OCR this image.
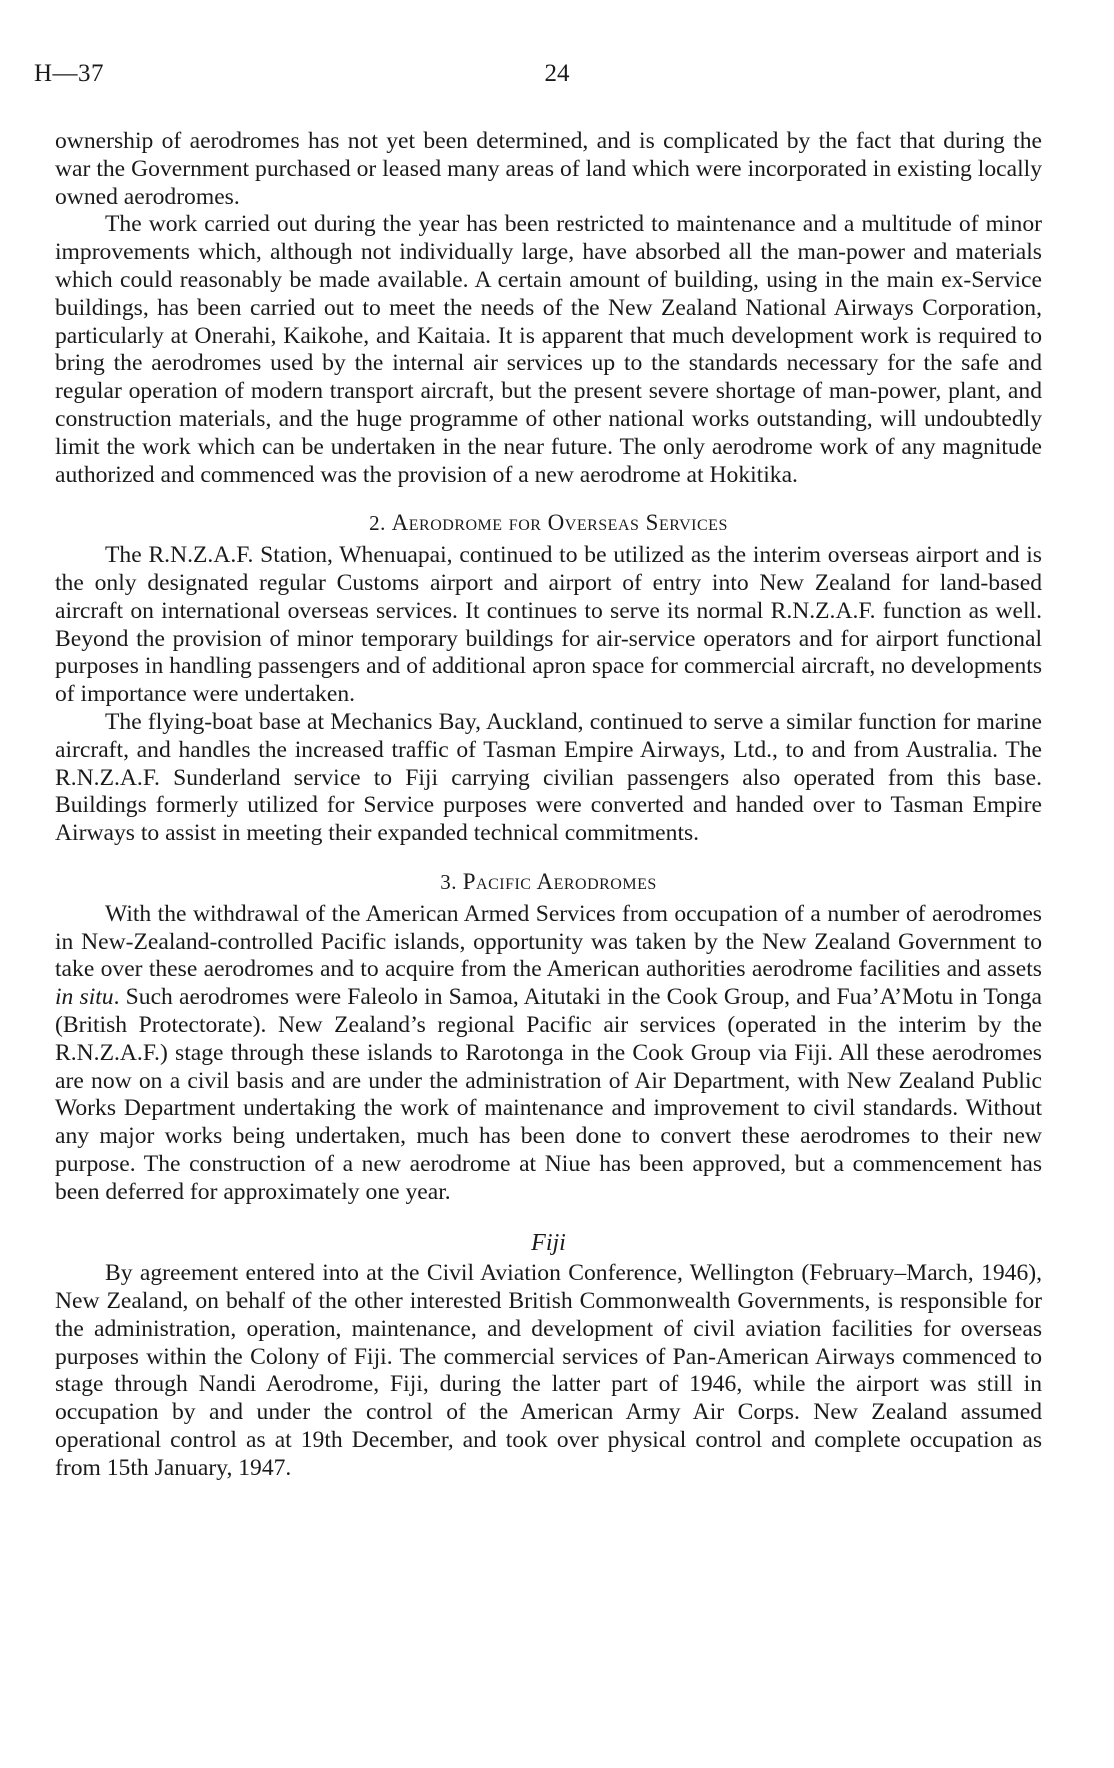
H—37	24

ownership of aerodromes has not yet been determined, and is complicated by the fact that during the war the Government purchased or leased many areas of land which were incorporated in existing locally owned aerodromes.

The work carried out during the year has been restricted to maintenance and a multitude of minor improvements which, although not individually large, have absorbed all the man-power and materials which could reasonably be made available. A certain amount of building, using in the main ex-Service buildings, has been carried out to meet the needs of the New Zealand National Airways Corporation, particularly at Onerahi, Kaikohe, and Kaitaia. It is apparent that much development work is required to bring the aerodromes used by the internal air services up to the standards necessary for the safe and regular operation of modern transport aircraft, but the present severe shortage of man-power, plant, and construction materials, and the huge programme of other national works outstanding, will undoubtedly limit the work which can be undertaken in the near future. The only aerodrome work of any magnitude authorized and commenced was the provision of a new aerodrome at Hokitika.

2. Aerodrome for Overseas Services

The R.N.Z.A.F. Station, Whenuapai, continued to be utilized as the interim overseas airport and is the only designated regular Customs airport and airport of entry into New Zealand for land-based aircraft on international overseas services. It continues to serve its normal R.N.Z.A.F. function as well. Beyond the provision of minor temporary buildings for air-service operators and for airport functional purposes in handling passengers and of additional apron space for commercial aircraft, no developments of importance were undertaken.

The flying-boat base at Mechanics Bay, Auckland, continued to serve a similar function for marine aircraft, and handles the increased traffic of Tasman Empire Airways, Ltd., to and from Australia. The R.N.Z.A.F. Sunderland service to Fiji carrying civilian passengers also operated from this base. Buildings formerly utilized for Service purposes were converted and handed over to Tasman Empire Airways to assist in meeting their expanded technical commitments.

3. Pacific Aerodromes

With the withdrawal of the American Armed Services from occupation of a number of aerodromes in New-Zealand-controlled Pacific islands, opportunity was taken by the New Zealand Government to take over these aerodromes and to acquire from the American authorities aerodrome facilities and assets in situ. Such aerodromes were Faleolo in Samoa, Aitutaki in the Cook Group, and Fua’A’Motu in Tonga (British Protectorate). New Zealand’s regional Pacific air services (operated in the interim by the R.N.Z.A.F.) stage through these islands to Rarotonga in the Cook Group via Fiji. All these aerodromes are now on a civil basis and are under the administration of Air Department, with New Zealand Public Works Department undertaking the work of maintenance and improvement to civil standards. Without any major works being undertaken, much has been done to convert these aerodromes to their new purpose. The construction of a new aerodrome at Niue has been approved, but a commencement has been deferred for approximately one year.

Fiji

By agreement entered into at the Civil Aviation Conference, Wellington (February–March, 1946), New Zealand, on behalf of the other interested British Commonwealth Governments, is responsible for the administration, operation, maintenance, and development of civil aviation facilities for overseas purposes within the Colony of Fiji. The commercial services of Pan-American Airways commenced to stage through Nandi Aerodrome, Fiji, during the latter part of 1946, while the airport was still in occupation by and under the control of the American Army Air Corps. New Zealand assumed operational control as at 19th December, and took over physical control and complete occupation as from 15th January, 1947.
